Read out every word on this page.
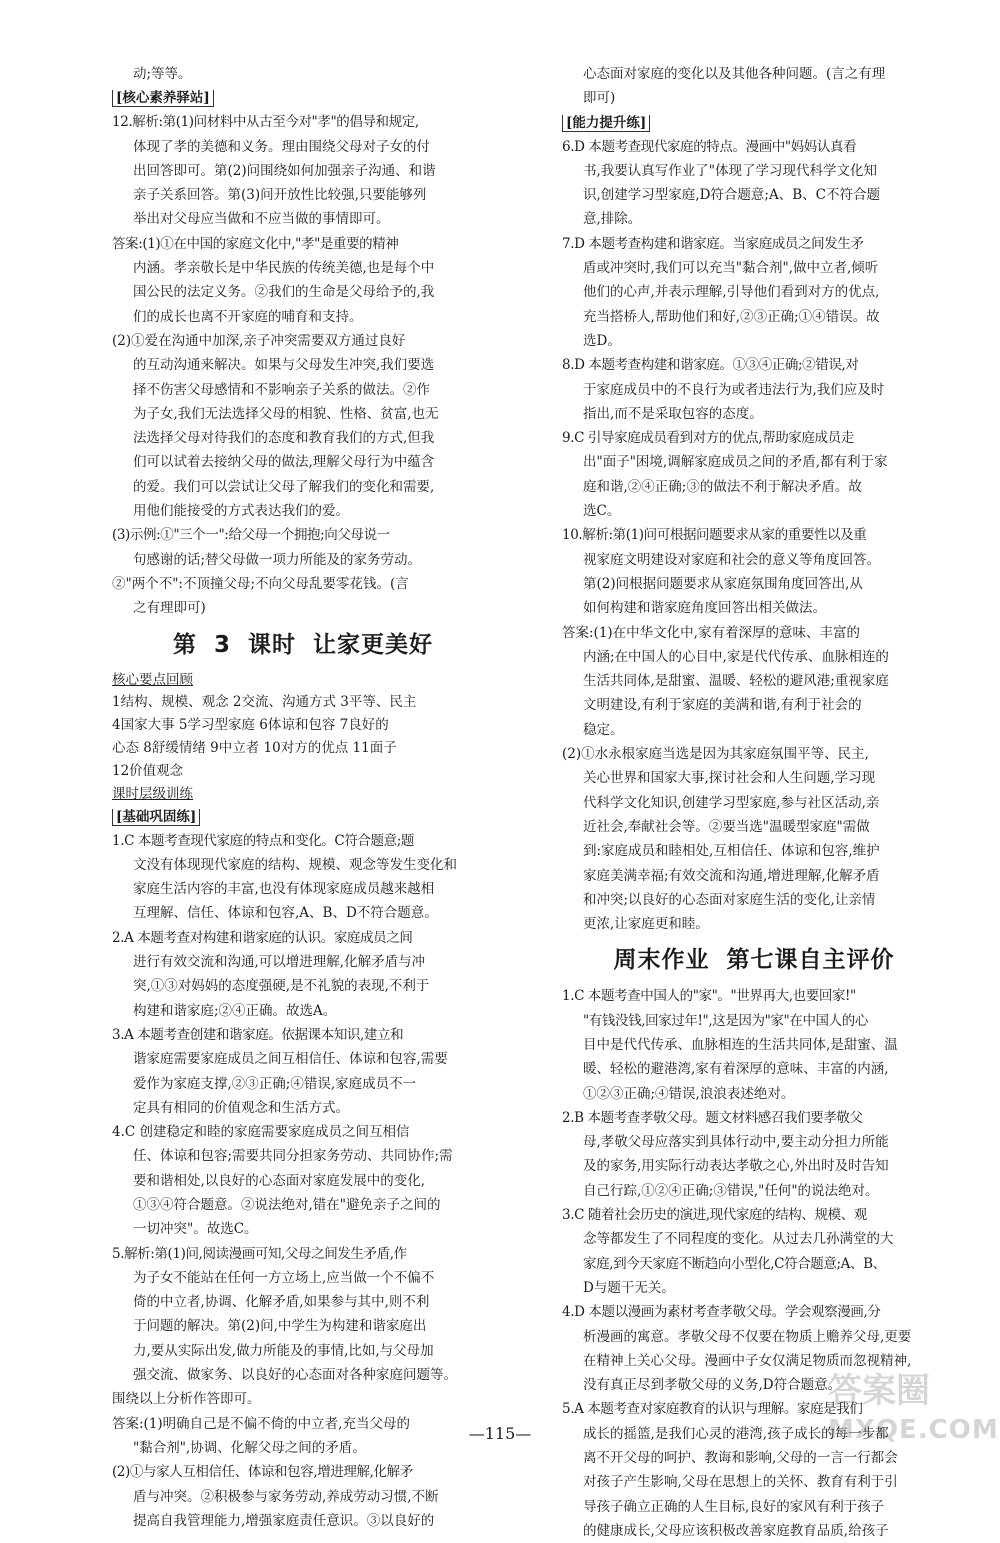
动;等等。
[核心素养驿站]
12.解析:第(1)问材料中从古至今对"孝"的倡导和规定,
体现了孝的美德和义务。理由围绕父母对子女的付
出回答即可。第(2)问围绕如何加强亲子沟通、和谐
亲子关系回答。第(3)问开放性比较强,只要能够列
举出对父母应当做和不应当做的事情即可。
答案:(1)①在中国的家庭文化中,"孝"是重要的精神
内涵。孝亲敬长是中华民族的传统美德,也是每个中
国公民的法定义务。②我们的生命是父母给予的,我
们的成长也离不开家庭的哺育和支持。
(2)①爱在沟通中加深,亲子冲突需要双方通过良好
的互动沟通来解决。如果与父母发生冲突,我们要选
择不伤害父母感情和不影响亲子关系的做法。②作
为子女,我们无法选择父母的相貌、性格、贫富,也无
法选择父母对待我们的态度和教育我们的方式,但我
们可以试着去接纳父母的做法,理解父母行为中蕴含
的爱。我们可以尝试让父母了解我们的变化和需要,
用他们能接受的方式表达我们的爱。
(3)示例:①"三个一":给父母一个拥抱;向父母说一
句感谢的话;替父母做一项力所能及的家务劳动。
②"两个不":不顶撞父母;不向父母乱要零花钱。(言
之有理即可)
第 3 课时 让家更美好
核心要点回顾
1结构、规模、观念 2交流、沟通方式 3平等、民主
4国家大事 5学习型家庭 6体谅和包容 7良好的
心态 8舒缓情绪 9中立者 10对方的优点 11面子
12价值观念
课时层级训练
[基础巩固练]
1.C 本题考查现代家庭的特点和变化。C符合题意;题
文没有体现现代家庭的结构、规模、观念等发生变化和
家庭生活内容的丰富,也没有体现家庭成员越来越相
互理解、信任、体谅和包容,A、B、D不符合题意。
2.A 本题考查对构建和谐家庭的认识。家庭成员之间
进行有效交流和沟通,可以增进理解,化解矛盾与冲
突,①③对妈妈的态度强硬,是不礼貌的表现,不利于
构建和谐家庭;②④正确。故选A。
3.A 本题考查创建和谐家庭。依据课本知识,建立和
谐家庭需要家庭成员之间互相信任、体谅和包容,需要
爱作为家庭支撑,②③正确;④错误,家庭成员不一
定具有相同的价值观念和生活方式。
4.C 创建稳定和睦的家庭需要家庭成员之间互相信
任、体谅和包容;需要共同分担家务劳动、共同协作;需
要和谐相处,以良好的心态面对家庭发展中的变化,
①③④符合题意。②说法绝对,错在"避免亲子之间的
一切冲突"。故选C。
5.解析:第(1)问,阅读漫画可知,父母之间发生矛盾,作
为子女不能站在任何一方立场上,应当做一个不偏不
倚的中立者,协调、化解矛盾,如果参与其中,则不利
于问题的解决。第(2)问,中学生为构建和谐家庭出
力,要从实际出发,做力所能及的事情,比如,与父母加
强交流、做家务、以良好的心态面对各种家庭问题等。
围绕以上分析作答即可。
答案:(1)明确自己是不偏不倚的中立者,充当父母的
"黏合剂",协调、化解父母之间的矛盾。
(2)①与家人互相信任、体谅和包容,增进理解,化解矛
盾与冲突。②积极参与家务劳动,养成劳动习惯,不断
提高自我管理能力,增强家庭责任意识。③以良好的
心态面对家庭的变化以及其他各种问题。(言之有理
即可)
[能力提升练]
6.D 本题考查现代家庭的特点。漫画中"妈妈认真看
书,我要认真写作业了"体现了学习现代科学文化知
识,创建学习型家庭,D符合题意;A、B、C不符合题
意,排除。
7.D 本题考查构建和谐家庭。当家庭成员之间发生矛
盾或冲突时,我们可以充当"黏合剂",做中立者,倾听
他们的心声,并表示理解,引导他们看到对方的优点,
充当搭桥人,帮助他们和好,②③正确;①④错误。故
选D。
8.D 本题考查构建和谐家庭。①③④正确;②错误,对
于家庭成员中的不良行为或者违法行为,我们应及时
指出,而不是采取包容的态度。
9.C 引导家庭成员看到对方的优点,帮助家庭成员走
出"面子"困境,调解家庭成员之间的矛盾,都有利于家
庭和谐,②④正确;③的做法不利于解决矛盾。故
选C。
10.解析:第(1)问可根据问题要求从家的重要性以及重
视家庭文明建设对家庭和社会的意义等角度回答。
第(2)问根据问题要求从家庭氛围角度回答出,从
如何构建和谐家庭角度回答出相关做法。
答案:(1)在中华文化中,家有着深厚的意味、丰富的
内涵;在中国人的心目中,家是代代传承、血脉相连的
生活共同体,是甜蜜、温暖、轻松的避风港;重视家庭
文明建设,有利于家庭的美满和谐,有利于社会的
稳定。
(2)①水永根家庭当选是因为其家庭氛围平等、民主,
关心世界和国家大事,探讨社会和人生问题,学习现
代科学文化知识,创建学习型家庭,参与社区活动,亲
近社会,奉献社会等。②要当选"温暖型家庭"需做
到:家庭成员和睦相处,互相信任、体谅和包容,维护
家庭美满幸福;有效交流和沟通,增进理解,化解矛盾
和冲突;以良好的心态面对家庭生活的变化,让亲情
更浓,让家庭更和睦。
周末作业 第七课自主评价
1.C 本题考查中国人的"家"。"世界再大,也要回家!"
"有钱没钱,回家过年!",这是因为"家"在中国人的心
目中是代代传承、血脉相连的生活共同体,是甜蜜、温
暖、轻松的避港湾,家有着深厚的意味、丰富的内涵,
①②③正确;④错误,浪浪表述绝对。
2.B 本题考查孝敬父母。题文材料感召我们要孝敬父
母,孝敬父母应落实到具体行动中,要主动分担力所能
及的家务,用实际行动表达孝敬之心,外出时及时告知
自己行踪,①②④正确;③错误,"任何"的说法绝对。
3.C 随着社会历史的演进,现代家庭的结构、规模、观
念等都发生了不同程度的变化。从过去几孙满堂的大
家庭,到今天家庭不断趋向小型化,C符合题意;A、B、
D与题干无关。
4.D 本题以漫画为素材考查孝敬父母。学会观察漫画,分
析漫画的寓意。孝敬父母不仅要在物质上赡养父母,更要
在精神上关心父母。漫画中子女仅满足物质而忽视精神,
没有真正尽到孝敬父母的义务,D符合题意。
5.A 本题考查对家庭教育的认识与理解。家庭是我们
成长的摇篮,是我们心灵的港湾,孩子成长的每一步都
离不开父母的呵护、教诲和影响,父母的一言一行都会
对孩子产生影响,父母在思想上的关怀、教育有利于引
导孩子确立正确的人生目标,良好的家风有利于孩子
的健康成长,父母应该积极改善家庭教育品质,给孩子
—115—
答案圈
MXQE.COM
